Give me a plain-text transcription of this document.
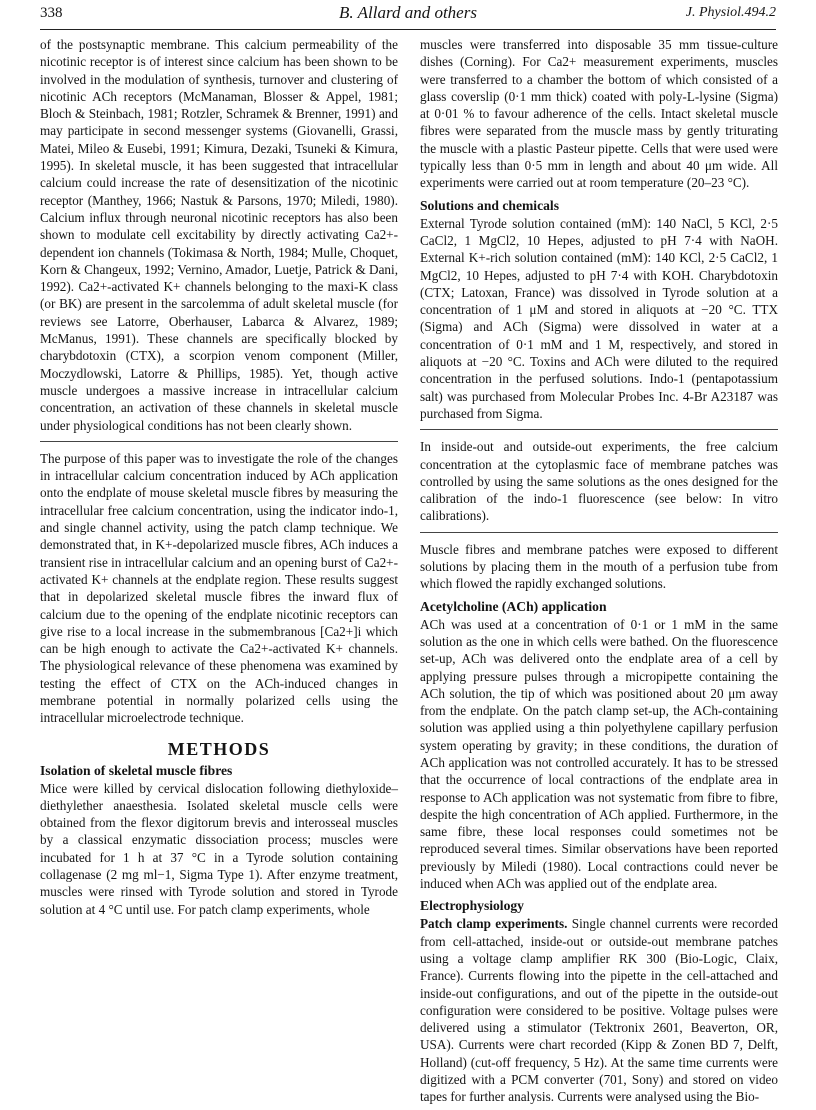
338	B. Allard and others	J. Physiol.494.2

of the postsynaptic membrane. This calcium permeability of the nicotinic receptor is of interest since calcium has been shown to be involved in the modulation of synthesis, turnover and clustering of nicotinic ACh receptors (McManaman, Blosser & Appel, 1981; Bloch & Steinbach, 1981; Rotzler, Schramek & Brenner, 1991) and may participate in second messenger systems (Giovanelli, Grassi, Matei, Mileo & Eusebi, 1991; Kimura, Dezaki, Tsuneki & Kimura, 1995). In skeletal muscle, it has been suggested that intracellular calcium could increase the rate of desensitization of the nicotinic receptor (Manthey, 1966; Nastuk & Parsons, 1970; Miledi, 1980). Calcium influx through neuronal nicotinic receptors has also been shown to modulate cell excitability by directly activating Ca2+-dependent ion channels (Tokimasa & North, 1984; Mulle, Choquet, Korn & Changeux, 1992; Vernino, Amador, Luetje, Patrick & Dani, 1992). Ca2+-activated K+ channels belonging to the maxi-K class (or BK) are present in the sarcolemma of adult skeletal muscle (for reviews see Latorre, Oberhauser, Labarca & Alvarez, 1989; McManus, 1991). These channels are specifically blocked by charybdotoxin (CTX), a scorpion venom component (Miller, Moczydlowski, Latorre & Phillips, 1985). Yet, though active muscle undergoes a massive increase in intracellular calcium concentration, an activation of these channels in skeletal muscle under physiological conditions has not been clearly shown.

The purpose of this paper was to investigate the role of the changes in intracellular calcium concentration induced by ACh application onto the endplate of mouse skeletal muscle fibres by measuring the intracellular free calcium concentration, using the indicator indo-1, and single channel activity, using the patch clamp technique. We demonstrated that, in K+-depolarized muscle fibres, ACh induces a transient rise in intracellular calcium and an opening burst of Ca2+-activated K+ channels at the endplate region. These results suggest that in depolarized skeletal muscle fibres the inward flux of calcium due to the opening of the endplate nicotinic receptors can give rise to a local increase in the submembranous [Ca2+]i which can be high enough to activate the Ca2+-activated K+ channels. The physiological relevance of these phenomena was examined by testing the effect of CTX on the ACh-induced changes in membrane potential in normally polarized cells using the intracellular microelectrode technique.

METHODS
Isolation of skeletal muscle fibres

Mice were killed by cervical dislocation following diethyloxide–diethylether anaesthesia. Isolated skeletal muscle cells were obtained from the flexor digitorum brevis and interosseal muscles by a classical enzymatic dissociation process; muscles were incubated for 1 h at 37 °C in a Tyrode solution containing collagenase (2 mg ml−1, Sigma Type 1). After enzyme treatment, muscles were rinsed with Tyrode solution and stored in Tyrode solution at 4 °C until use. For patch clamp experiments, whole

muscles were transferred into disposable 35 mm tissue-culture dishes (Corning). For Ca2+ measurement experiments, muscles were transferred to a chamber the bottom of which consisted of a glass coverslip (0·1 mm thick) coated with poly-L-lysine (Sigma) at 0·01 % to favour adherence of the cells. Intact skeletal muscle fibres were separated from the muscle mass by gently triturating the muscle with a plastic Pasteur pipette. Cells that were used were typically less than 0·5 mm in length and about 40 μm wide. All experiments were carried out at room temperature (20–23 °C).

Solutions and chemicals

External Tyrode solution contained (mM): 140 NaCl, 5 KCl, 2·5 CaCl2, 1 MgCl2, 10 Hepes, adjusted to pH 7·4 with NaOH. External K+-rich solution contained (mM): 140 KCl, 2·5 CaCl2, 1 MgCl2, 10 Hepes, adjusted to pH 7·4 with KOH. Charybdotoxin (CTX; Latoxan, France) was dissolved in Tyrode solution at a concentration of 1 μM and stored in aliquots at −20 °C. TTX (Sigma) and ACh (Sigma) were dissolved in water at a concentration of 0·1 mM and 1 M, respectively, and stored in aliquots at −20 °C. Toxins and ACh were diluted to the required concentration in the perfused solutions. Indo-1 (pentapotassium salt) was purchased from Molecular Probes Inc. 4-Br A23187 was purchased from Sigma.

In inside-out and outside-out experiments, the free calcium concentration at the cytoplasmic face of membrane patches was controlled by using the same solutions as the ones designed for the calibration of the indo-1 fluorescence (see below: In vitro calibrations).

Muscle fibres and membrane patches were exposed to different solutions by placing them in the mouth of a perfusion tube from which flowed the rapidly exchanged solutions.

Acetylcholine (ACh) application

ACh was used at a concentration of 0·1 or 1 mM in the same solution as the one in which cells were bathed. On the fluorescence set-up, ACh was delivered onto the endplate area of a cell by applying pressure pulses through a micropipette containing the ACh solution, the tip of which was positioned about 20 μm away from the endplate. On the patch clamp set-up, the ACh-containing solution was applied using a thin polyethylene capillary perfusion system operating by gravity; in these conditions, the duration of ACh application was not controlled accurately. It has to be stressed that the occurrence of local contractions of the endplate area in response to ACh application was not systematic from fibre to fibre, despite the high concentration of ACh applied. Furthermore, in the same fibre, these local responses could sometimes not be reproduced several times. Similar observations have been reported previously by Miledi (1980). Local contractions could never be induced when ACh was applied out of the endplate area.

Electrophysiology

Patch clamp experiments. Single channel currents were recorded from cell-attached, inside-out or outside-out membrane patches using a voltage clamp amplifier RK 300 (Bio-Logic, Claix, France). Currents flowing into the pipette in the cell-attached and inside-out configurations, and out of the pipette in the outside-out configuration were considered to be positive. Voltage pulses were delivered using a stimulator (Tektronix 2601, Beaverton, OR, USA). Currents were chart recorded (Kipp & Zonen BD 7, Delft, Holland) (cut-off frequency, 5 Hz). At the same time currents were digitized with a PCM converter (701, Sony) and stored on video tapes for further analysis. Currents were analysed using the Bio-
